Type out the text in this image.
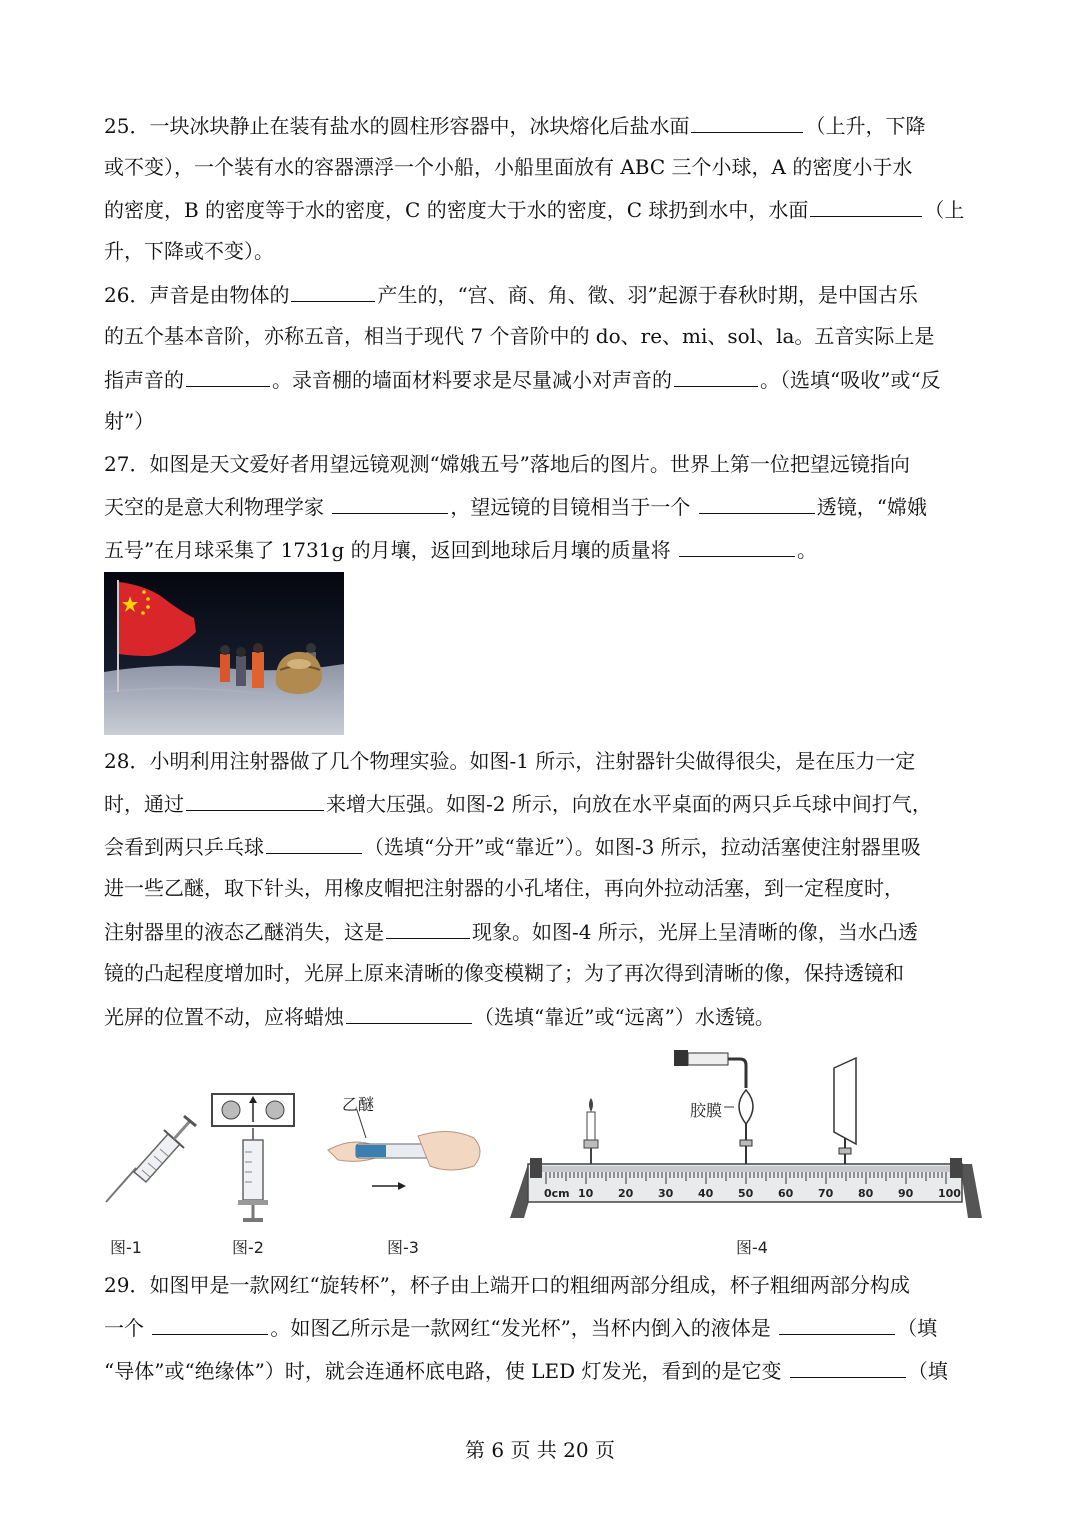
25．一块冰块静止在装有盐水的圆柱形容器中，冰块熔化后盐水面	（上升，下降
或不变），一个装有水的容器漂浮一个小船，小船里面放有 ABC 三个小球，A 的密度小于水
的密度，B 的密度等于水的密度，C 的密度大于水的密度，C 球扔到水中，水面	（上
升，下降或不变）。
26．声音是由物体的	产生的，“宫、商、角、徵、羽”起源于春秋时期，是中国古乐
的五个基本音阶，亦称五音，相当于现代 7 个音阶中的 do、re、mi、sol、la。五音实际上是
指声音的	。录音棚的墙面材料要求是尽量减小对声音的	。（选填“吸收”或“反
射”）
27．如图是天文爱好者用望远镜观测“嫦娥五号”落地后的图片。世界上第一位把望远镜指向
天空的是意大利物理学家	，望远镜的目镜相当于一个	透镜，“嫦娥
五号”在月球采集了 1731g 的月壤，返回到地球后月壤的质量将	。
28．小明利用注射器做了几个物理实验。如图-1 所示，注射器针尖做得很尖，是在压力一定
时，通过	来增大压强。如图-2 所示，向放在水平桌面的两只乒乓球中间打气，
会看到两只乒乓球	（选填“分开”或“靠近”）。如图-3 所示，拉动活塞使注射器里吸
进一些乙醚，取下针头，用橡皮帽把注射器的小孔堵住，再向外拉动活塞，到一定程度时，
注射器里的液态乙醚消失，这是	现象。如图-4 所示，光屏上呈清晰的像，当水凸透
镜的凸起程度增加时，光屏上原来清晰的像变模糊了；为了再次得到清晰的像，保持透镜和
光屏的位置不动，应将蜡烛	（选填“靠近”或“远离”）水透镜。
乙醚	胶膜
0cm 10 20 30 40 50 60 70 80 90 100
图-1	图-2	图-3	图-4
29．如图甲是一款网红“旋转杯”，杯子由上端开口的粗细两部分组成，杯子粗细两部分构成
一个	。如图乙所示是一款网红“发光杯”，当杯内倒入的液体是	（填
“导体”或“绝缘体”）时，就会连通杯底电路，使 LED 灯发光，看到的是它变	（填
第 6 页 共 20 页
